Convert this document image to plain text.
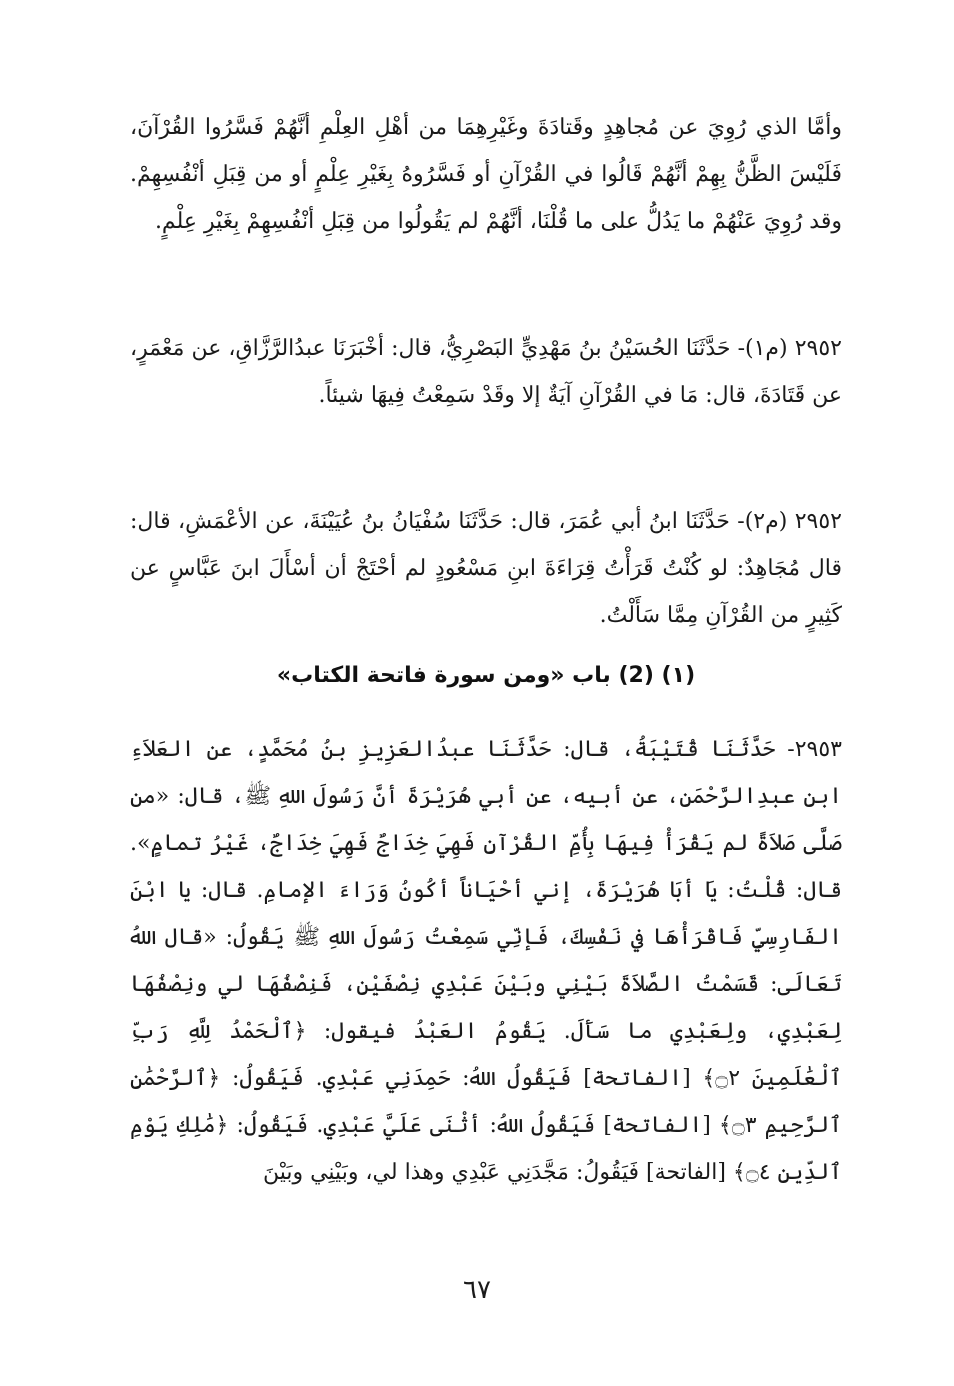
وأمَّا الذي رُوِيَ عن مُجاهِدٍ وقَتادَةَ وغَيْرِهِمَا من أهْلِ العِلْمِ أنَّهُمْ فَسَّرُوا القُرْآنَ، فَلَيْسَ الظَّنُّ بِهِمْ أنَّهُمْ قَالُوا في القُرْآنِ أو فَسَّرُوهُ بِغَيْرِ عِلْمٍ أو من قِبَلِ أنْفُسِهِمْ. وقد رُوِيَ عَنْهُمْ ما يَدُلُّ على ما قُلْنَا، أنَّهُمْ لم يَقُولُوا من قِبَلِ أنْفُسِهِمْ بِغَيْرِ عِلْمٍ.
٢٩٥٢ (م١)- حَدَّثَنَا الحُسَيْنُ بنُ مَهْدِيٍّ البَصْرِيُّ، قال: أخْبَرَنَا عبدُالرَّزَّاقِ، عن مَعْمَرٍ، عن قَتَادَةَ، قال: مَا في القُرْآنِ آيَةٌ إلا وقَدْ سَمِعْتُ فِيهَا شيئاً.
٢٩٥٢ (م٢)- حَدَّثَنَا ابنُ أبي عُمَرَ، قال: حَدَّثَنَا سُفْيَانُ بنُ عُيَيْنَةَ، عن الأعْمَشِ، قال: قال مُجَاهِدٌ: لو كُنْتُ قَرَأْتُ قِرَاءَةَ ابنِ مَسْعُودٍ لم أحْتَجْ أن أسْأَلَ ابنَ عَبَّاسٍ عن كَثِيرٍ من القُرْآنِ مِمَّا سَأَلْتُ.
(١) (2) باب «ومن سورة فاتحة الكتاب»
٢٩٥٣- حَدَّثَنَا قُتَيْبَةُ، قال: حَدَّثَنَا عبدُالعَزِيزِ بنُ مُحَمَّدٍ، عن العَلاَءِ ابنِ عبدِالرَّحْمَنِ، عن أبيه، عن أبي هُرَيْرَةَ أنَّ رَسُولَ اللهِ ﷺ، قال: «من صَلَّى صَلاَةً لم يَقْرَأْ فِيهَا بِأُمِّ القُرْآنِ فَهِيَ خِدَاجٌ فَهِيَ خِدَاجٌ، غَيْرُ تمامٍ». قال: قُلْتُ: يَا أبَا هُرَيْرَةَ، إني أحْيَاناً أكُونُ وَرَاءَ الإمامِ. قال: يا ابْنَ الفَارِسِيِّ فَاقْرَأْهَا في نَفْسِكَ، فَإنِّي سَمِعْتُ رَسُولَ اللهِ ﷺ يَقُولُ: «قال اللهُ تَعَالَى: قَسَمْتُ الصَّلاَةَ بَيْنِي وبَيْنَ عَبْدِي نِصْفَيْنِ، فَنِصْفُهَا لي ونِصْفُهَا لِعَبْدِي، ولِعَبْدِي ما سَأَلَ. يَقُومُ العَبْدُ فيقول: ﴿ٱلْحَمْدُ لِلَّهِ رَبِّ ٱلْعَٰلَمِينَ ۝٢﴾ [الفاتحة] فَيَقُولُ اللهُ: حَمِدَنِي عَبْدِي. فَيَقُولُ: ﴿ٱلرَّحْمَٰنِ ٱلرَّحِيمِ ۝٣﴾ [الفاتحة] فَيَقُولُ اللهُ: أثْنَى عَلَيَّ عَبْدِي. فَيَقُولُ: ﴿مَٰلِكِ يَوْمِ ٱلدِّينِ ۝٤﴾ [الفاتحة] فَيَقُولُ: مَجَّدَنِي عَبْدِي وهذا لي، وبَيْنِي وبَيْنَ
٦٧
